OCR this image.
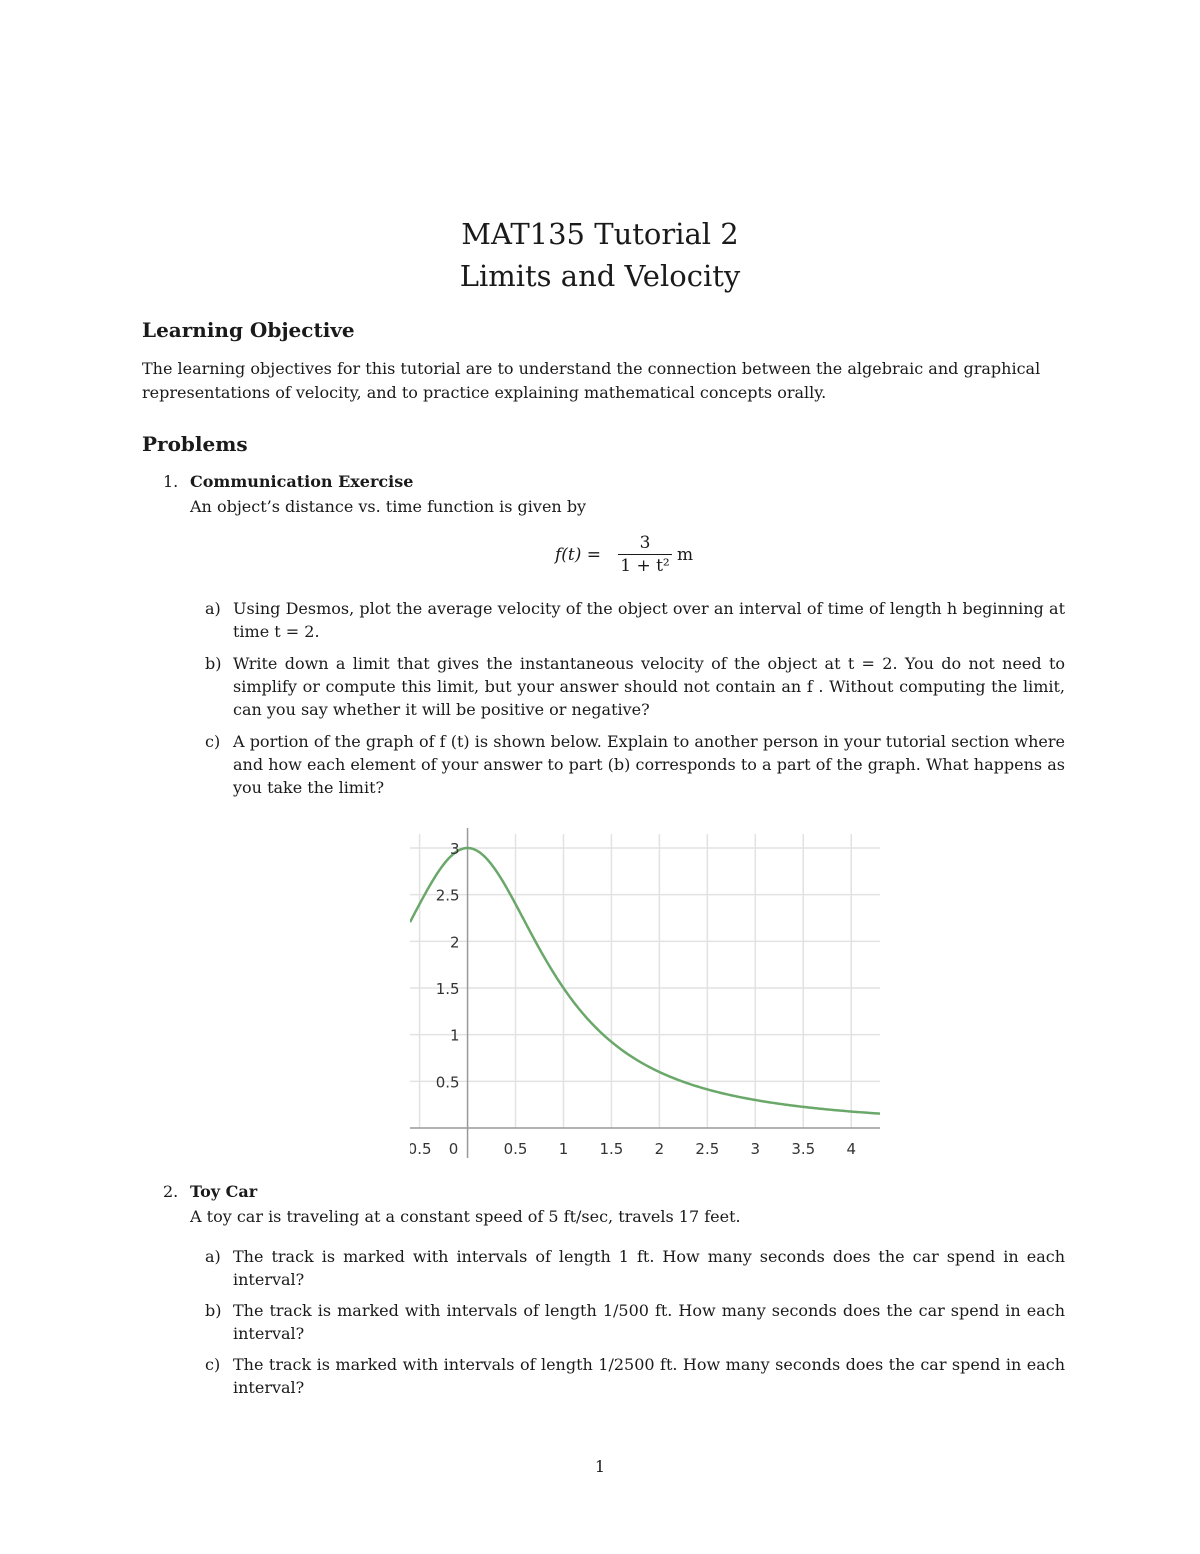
MAT135 Tutorial 2
Limits and Velocity
Learning Objective
The learning objectives for this tutorial are to understand the connection between the algebraic and graphical representations of velocity, and to practice explaining mathematical concepts orally.
Problems
1. Communication Exercise
An object’s distance vs. time function is given by
f(t) =
3
1 + t²
m
a) Using Desmos, plot the average velocity of the object over an interval of time of length h beginning at time t = 2.
b) Write down a limit that gives the instantaneous velocity of the object at t = 2. You do not need to simplify or compute this limit, but your answer should not contain an f . Without computing the limit, can you say whether it will be positive or negative?
c) A portion of the graph of f (t) is shown below. Explain to another person in your tutorial section where and how each element of your answer to part (b) corresponds to a part of the graph. What happens as you take the limit?
0.5 0	0.5 1 1.5 2 2.5 3 3.5 4
0.5
1
1.5
2
2.5
3
2. Toy Car
A toy car is traveling at a constant speed of 5 ft/sec, travels 17 feet.
a) The track is marked with intervals of length 1 ft. How many seconds does the car spend in each interval?
b) The track is marked with intervals of length 1/500 ft. How many seconds does the car spend in each interval?
c) The track is marked with intervals of length 1/2500 ft. How many seconds does the car spend in each interval?
1
